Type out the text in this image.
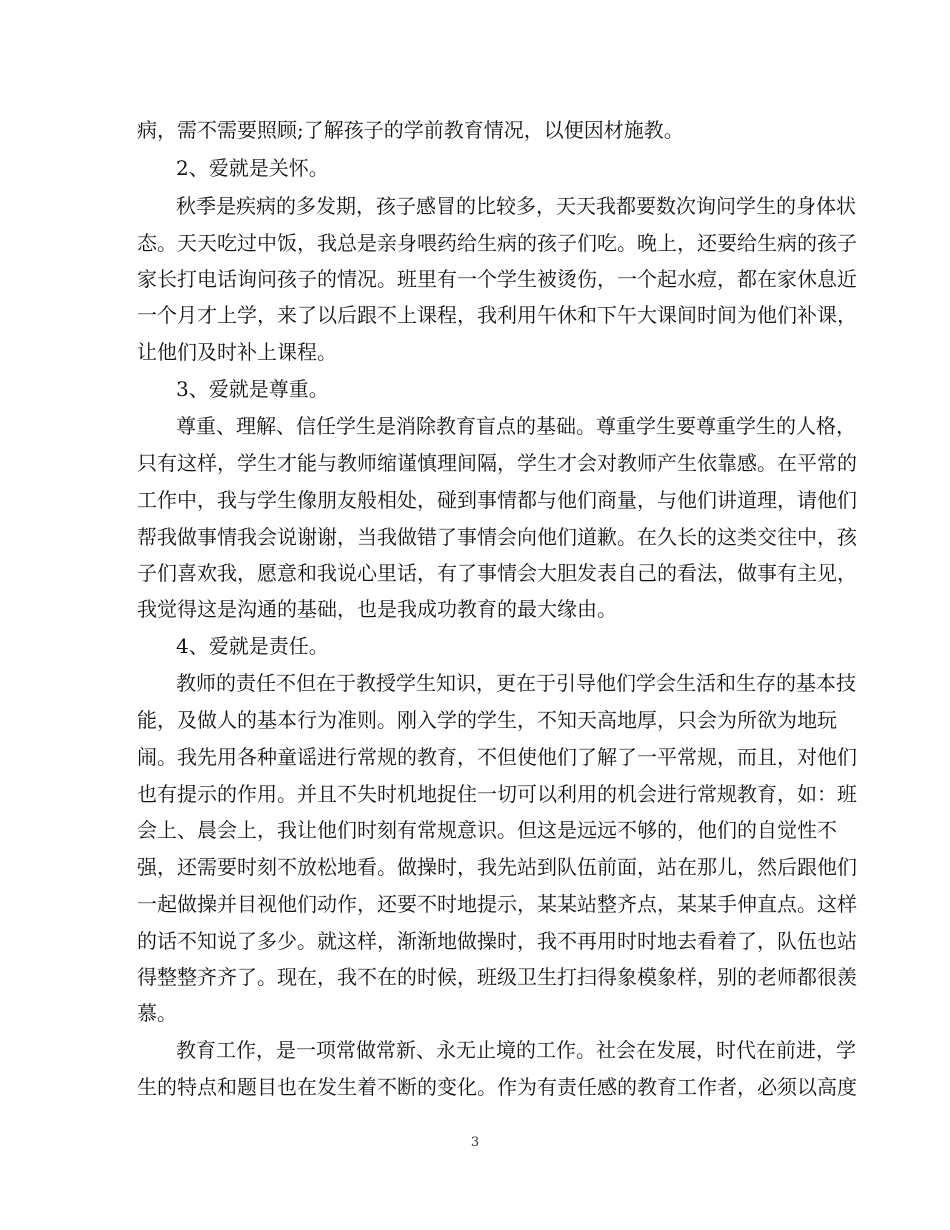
病，需不需要照顾;了解孩子的学前教育情况，以便因材施教。
2、爱就是关怀。
秋季是疾病的多发期，孩子感冒的比较多，天天我都要数次询问学生的身体状
态。天天吃过中饭，我总是亲身喂药给生病的孩子们吃。晚上，还要给生病的孩子
家长打电话询问孩子的情况。班里有一个学生被烫伤，一个起水痘，都在家休息近
一个月才上学，来了以后跟不上课程，我利用午休和下午大课间时间为他们补课，
让他们及时补上课程。
3、爱就是尊重。
尊重、理解、信任学生是消除教育盲点的基础。尊重学生要尊重学生的人格，
只有这样，学生才能与教师缩谨慎理间隔，学生才会对教师产生依靠感。在平常的
工作中，我与学生像朋友般相处，碰到事情都与他们商量，与他们讲道理，请他们
帮我做事情我会说谢谢，当我做错了事情会向他们道歉。在久长的这类交往中，孩
子们喜欢我，愿意和我说心里话，有了事情会大胆发表自己的看法，做事有主见，
我觉得这是沟通的基础，也是我成功教育的最大缘由。
4、爱就是责任。
教师的责任不但在于教授学生知识，更在于引导他们学会生活和生存的基本技
能，及做人的基本行为准则。刚入学的学生，不知天高地厚，只会为所欲为地玩
闹。我先用各种童谣进行常规的教育，不但使他们了解了一平常规，而且，对他们
也有提示的作用。并且不失时机地捉住一切可以利用的机会进行常规教育，如：班
会上、晨会上，我让他们时刻有常规意识。但这是远远不够的，他们的自觉性不
强，还需要时刻不放松地看。做操时，我先站到队伍前面，站在那儿，然后跟他们
一起做操并目视他们动作，还要不时地提示，某某站整齐点，某某手伸直点。这样
的话不知说了多少。就这样，渐渐地做操时，我不再用时时地去看着了，队伍也站
得整整齐齐了。现在，我不在的时候，班级卫生打扫得象模象样，别的老师都很羡
慕。
教育工作，是一项常做常新、永无止境的工作。社会在发展，时代在前进，学
生的特点和题目也在发生着不断的变化。作为有责任感的教育工作者，必须以高度
3
